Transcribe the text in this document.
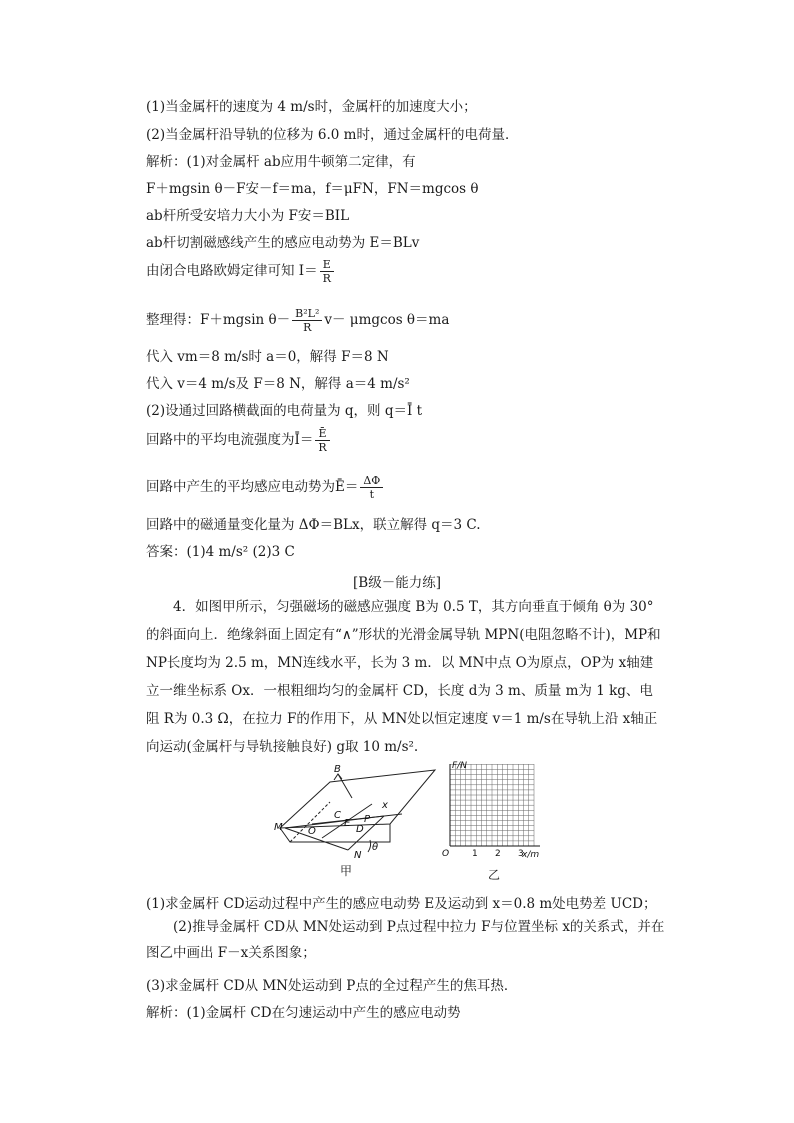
(1)当金属杆的速度为 4 m/s时，金属杆的加速度大小；
(2)当金属杆沿导轨的位移为 6.0 m时，通过金属杆的电荷量．
解析：(1)对金属杆 ab应用牛顿第二定律，有
F＋mgsin θ－F安－f＝ma，f＝μFN，FN＝mgcos θ
ab杆所受安培力大小为 F安＝BIL
ab杆切割磁感线产生的感应电动势为 E＝BLv
由闭合电路欧姆定律可知 $I= \frac{E}{R}$
整理得：F＋mgsin $\theta- \frac{\text{B²L²}}{R} v- \mu mgcos$ θ＝ma
代入 vm＝8 m/s时 a＝0，解得 F＝8 N
代入 v＝4 m/s及 F＝8 N，解得 a＝4 m/s²
(2)设通过回路横截面的电荷量为 q，则 q＝Ī t
回路中的平均电流强度为Ī＝ $\frac{Ē}{R}$
回路中产生的平均感应电动势为Ē＝ $\frac{\Delta\Phi}{t}$
回路中的磁通量变化量为 ΔΦ＝BLx，联立解得 q＝3 C.
答案：(1)4 m/s² (2)3 C
[B级－能力练]
4．如图甲所示，匀强磁场的磁感应强度 B为 0.5 T，其方向垂直于倾角 θ为 30°的斜面向上．绝缘斜面上固定有“∧”形状的光滑金属导轨 MPN(电阻忽略不计)，MP和 NP长度均为 2.5 m，MN连线水平，长为 3 m．以 MN中点 O为原点，OP为 x轴建立一维坐标系 Ox．一根粗细均匀的金属杆 CD，长度 d为 3 m、质量 m为 1 kg、电阻 R为 0.3 Ω，在拉力 F的作用下，从 MN处以恒定速度 v＝1 m/s在导轨上沿 x轴正向运动(金属杆与导轨接触良好) g取 10 m/s².
B
C
M	O
E
D
P
x
N
θ
甲
F/N
x/m
O	1 2 3
乙
(1)求金属杆 CD运动过程中产生的感应电动势 E及运动到 x＝0.8 m处电势差 UCD；
(2)推导金属杆 CD从 MN处运动到 P点过程中拉力 F与位置坐标 x的关系式，并在图乙中画出 F－x关系图象；
(3)求金属杆 CD从 MN处运动到 P点的全过程产生的焦耳热．
解析：(1)金属杆 CD在匀速运动中产生的感应电动势
